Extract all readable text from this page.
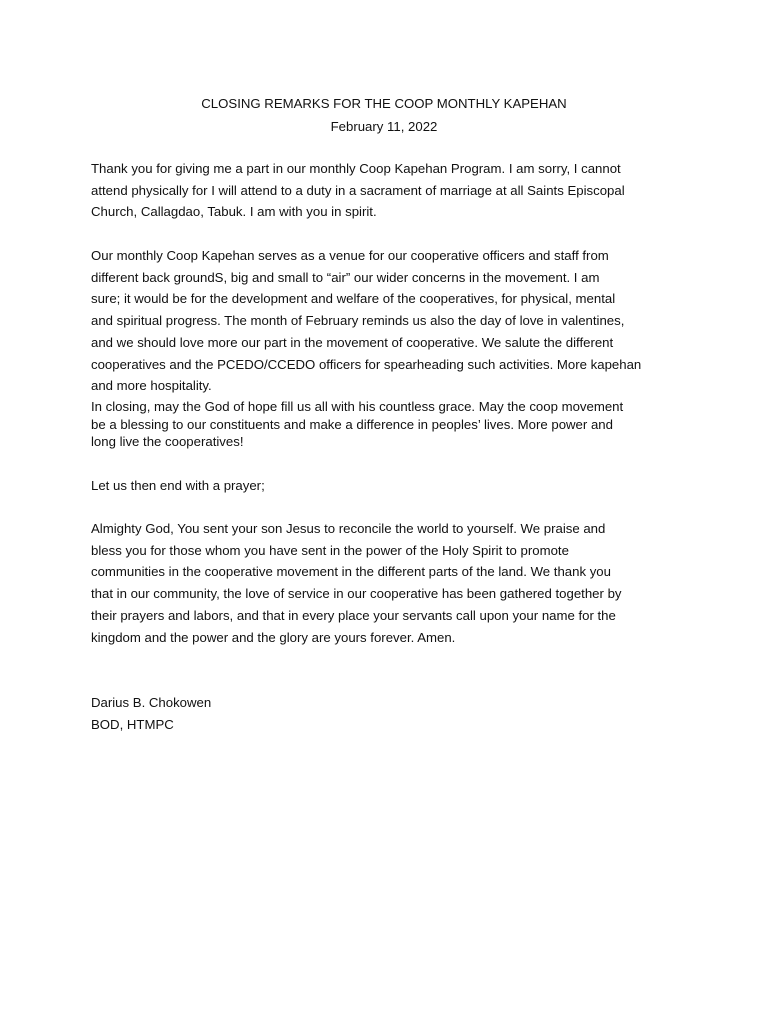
CLOSING REMARKS FOR THE COOP MONTHLY KAPEHAN
February 11, 2022

Thank you for giving me a part in our monthly Coop Kapehan Program. I am sorry, I cannot
attend physically for I will attend to a duty in a sacrament of marriage at all Saints Episcopal
Church, Callagdao, Tabuk. I am with you in spirit.

Our monthly Coop Kapehan serves as a venue for our cooperative officers and staff from
different back groundS, big and small to “air” our wider concerns in the movement. I am
sure; it would be for the development and welfare of the cooperatives, for physical, mental
and spiritual progress. The month of February reminds us also the day of love in valentines,
and we should love more our part in the movement of cooperative. We salute the different
cooperatives and the PCEDO/CCEDO officers for spearheading such activities. More kapehan
and more hospitality.

In closing, may the God of hope fill us all with his countless grace. May the coop movement
be a blessing to our constituents and make a difference in peoples’ lives. More power and
long live the cooperatives!

Let us then end with a prayer;

Almighty God, You sent your son Jesus to reconcile the world to yourself. We praise and
bless you for those whom you have sent in the power of the Holy Spirit to promote
communities in the cooperative movement in the different parts of the land. We thank you
that in our community, the love of service in our cooperative has been gathered together by
their prayers and labors, and that in every place your servants call upon your name for the
kingdom and the power and the glory are yours forever. Amen.

Darius B. Chokowen
BOD, HTMPC
